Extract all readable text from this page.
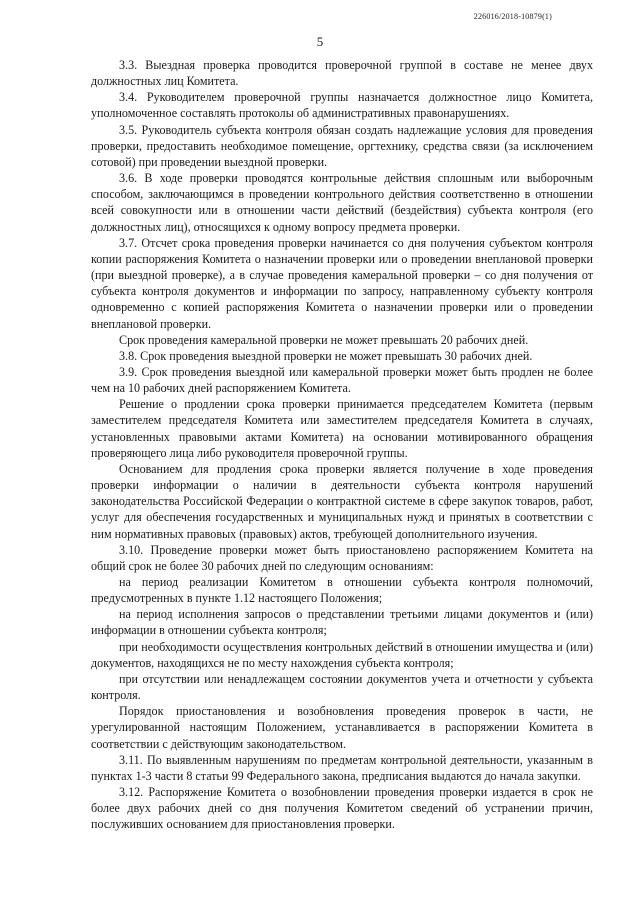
226016/2018-10879(1)
5

3.3. Выездная проверка проводится проверочной группой в составе не менее двух должностных лиц Комитета.

3.4. Руководителем проверочной группы назначается должностное лицо Комитета, уполномоченное составлять протоколы об административных правонарушениях.

3.5. Руководитель субъекта контроля обязан создать надлежащие условия для проведения проверки, предоставить необходимое помещение, оргтехнику, средства связи (за исключением сотовой) при проведении выездной проверки.

3.6. В ходе проверки проводятся контрольные действия сплошным или выборочным способом, заключающимся в проведении контрольного действия соответственно в отношении всей совокупности или в отношении части действий (бездействия) субъекта контроля (его должностных лиц), относящихся к одному вопросу предмета проверки.

3.7. Отсчет срока проведения проверки начинается со дня получения субъектом контроля копии распоряжения Комитета о назначении проверки или о проведении внеплановой проверки (при выездной проверке), а в случае проведения камеральной проверки – со дня получения от субъекта контроля документов и информации по запросу, направленному субъекту контроля одновременно с копией распоряжения Комитета о назначении проверки или о проведении внеплановой проверки.

Срок проведения камеральной проверки не может превышать 20 рабочих дней.

3.8. Срок проведения выездной проверки не может превышать 30 рабочих дней.

3.9. Срок проведения выездной или камеральной проверки может быть продлен не более чем на 10 рабочих дней распоряжением Комитета.

Решение о продлении срока проверки принимается председателем Комитета (первым заместителем председателя Комитета или заместителем председателя Комитета в случаях, установленных правовыми актами Комитета) на основании мотивированного обращения проверяющего лица либо руководителя проверочной группы.

Основанием для продления срока проверки является получение в ходе проведения проверки информации о наличии в деятельности субъекта контроля нарушений законодательства Российской Федерации о контрактной системе в сфере закупок товаров, работ, услуг для обеспечения государственных и муниципальных нужд и принятых в соответствии с ним нормативных правовых (правовых) актов, требующей дополнительного изучения.

3.10. Проведение проверки может быть приостановлено распоряжением Комитета на общий срок не более 30 рабочих дней по следующим основаниям:

на период реализации Комитетом в отношении субъекта контроля полномочий, предусмотренных в пункте 1.12 настоящего Положения;

на период исполнения запросов о представлении третьими лицами документов и (или) информации в отношении субъекта контроля;

при необходимости осуществления контрольных действий в отношении имущества и (или) документов, находящихся не по месту нахождения субъекта контроля;

при отсутствии или ненадлежащем состоянии документов учета и отчетности у субъекта контроля.

Порядок приостановления и возобновления проведения проверок в части, не урегулированной настоящим Положением, устанавливается в распоряжении Комитета в соответствии с действующим законодательством.

3.11. По выявленным нарушениям по предметам контрольной деятельности, указанным в пунктах 1-3 части 8 статьи 99 Федерального закона, предписания выдаются до начала закупки.

3.12. Распоряжение Комитета о возобновлении проведения проверки издается в срок не более двух рабочих дней со дня получения Комитетом сведений об устранении причин, послуживших основанием для приостановления проверки.
